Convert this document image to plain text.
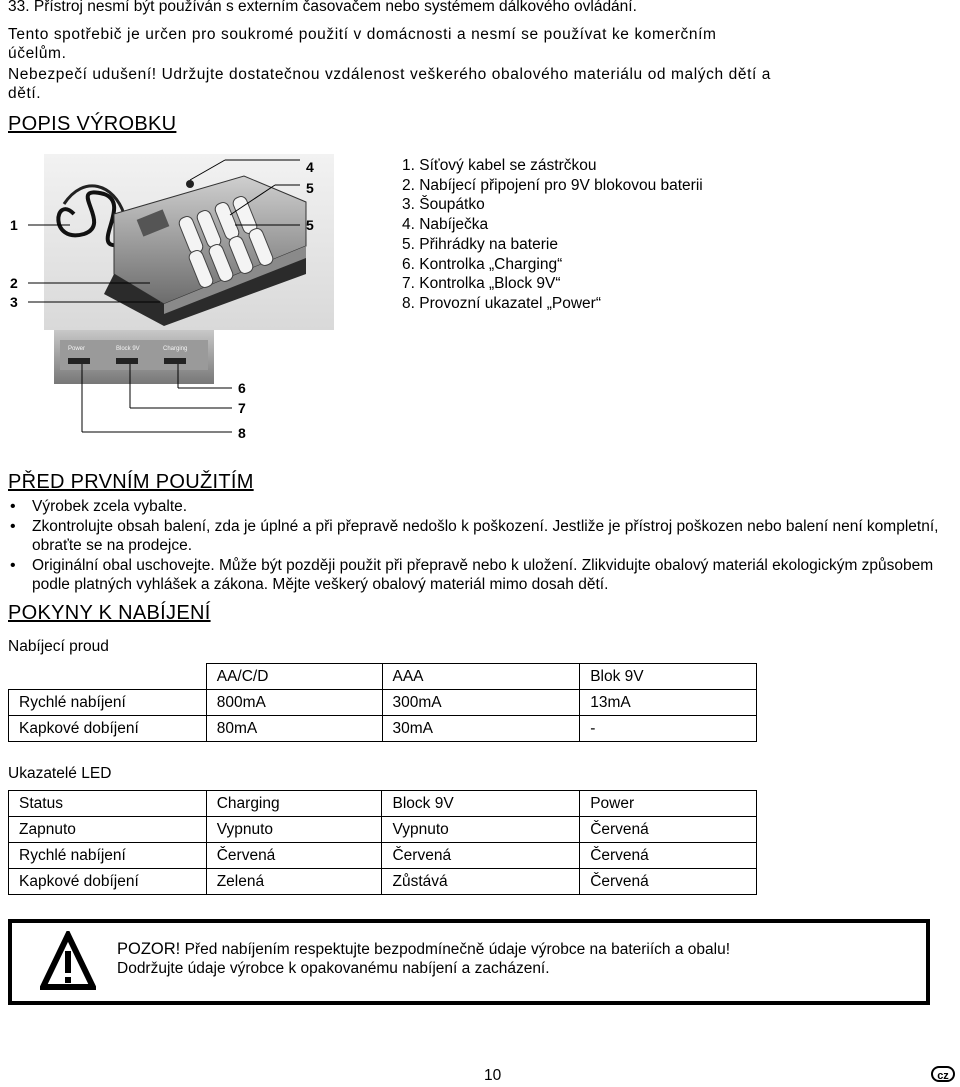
33. Přístroj nesmí být používán s externím časovačem nebo systémem dálkového ovládání.
Tento spotřebič je určen pro soukromé použití v domácnosti a nesmí se používat ke komerčním
účelům.
Nebezpečí udušení! Udržujte dostatečnou vzdálenost veškerého obalového materiálu od malých dětí a
dětí.
POPIS VÝROBKU
4
5
1	5
2
3
1. Síťový kabel se zástrčkou
2. Nabíjecí připojení pro 9V blokovou baterii
3. Šoupátko
4. Nabíječka
5. Přihrádky na baterie
6. Kontrolka „Charging“
7. Kontrolka „Block 9V“
8. Provozní ukazatel „Power“
Power	Block 9V	Charging
6
7
8
PŘED PRVNÍM POUŽITÍM
• Výrobek zcela vybalte.
• Zkontrolujte obsah balení, zda je úplné a při přepravě nedošlo k poškození. Jestliže je přístroj poškozen nebo balení není kompletní, obraťte se na prodejce.
• Originální obal uschovejte. Může být později použit při přepravě nebo k uložení. Zlikvidujte obalový materiál ekologickým způsobem podle platných vyhlášek a zákona. Mějte veškerý obalový materiál mimo dosah dětí.
POKYNY K NABÍJENÍ
Nabíjecí proud
	AA/C/D	AAA	Blok 9V
Rychlé nabíjení	800mA	300mA	13mA
Kapkové dobíjení	80mA	30mA	-
Ukazatelé LED
Status	Charging	Block 9V	Power
Zapnuto	Vypnuto	Vypnuto	Červená
Rychlé nabíjení	Červená	Červená	Červená
Kapkové dobíjení	Zelená	Zůstává	Červená
POZOR! Před nabíjením respektujte bezpodmínečně údaje výrobce na bateriích a obalu!
Dodržujte údaje výrobce k opakovanému nabíjení a zacházení.
10	cz
